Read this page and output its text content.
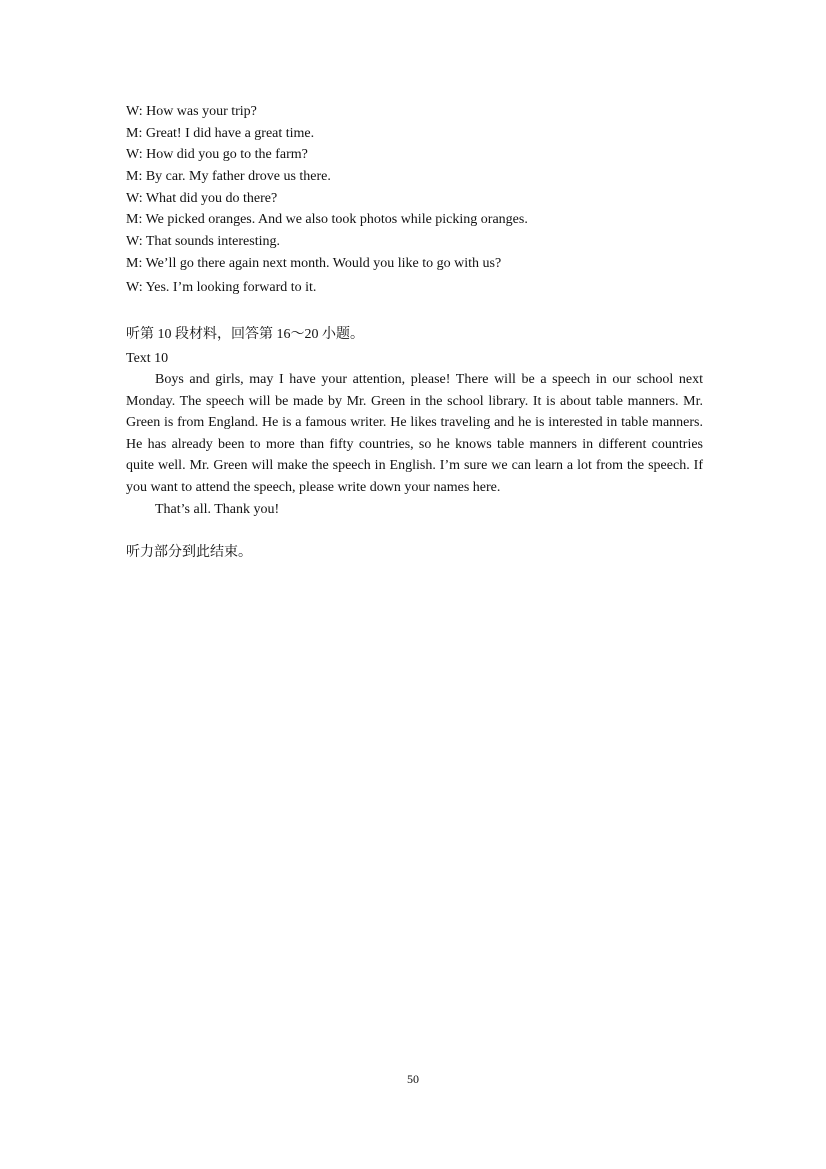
W: How was your trip?
M: Great! I did have a great time.
W: How did you go to the farm?
M: By car. My father drove us there.
W: What did you do there?
M: We picked oranges. And we also took photos while picking oranges.
W: That sounds interesting.
M: We’ll go there again next month. Would you like to go with us?
W: Yes. I’m looking forward to it.
听第 10 段材料，回答第 16～20 小题。
Text 10

Boys and girls, may I have your attention, please! There will be a speech in our school next Monday. The speech will be made by Mr. Green in the school library. It is about table manners. Mr. Green is from England. He is a famous writer. He likes traveling and he is interested in table manners. He has already been to more than fifty countries, so he knows table manners in different countries quite well. Mr. Green will make the speech in English. I’m sure we can learn a lot from the speech. If you want to attend the speech, please write down your names here.

That’s all. Thank you!

听力部分到此结束。
50
